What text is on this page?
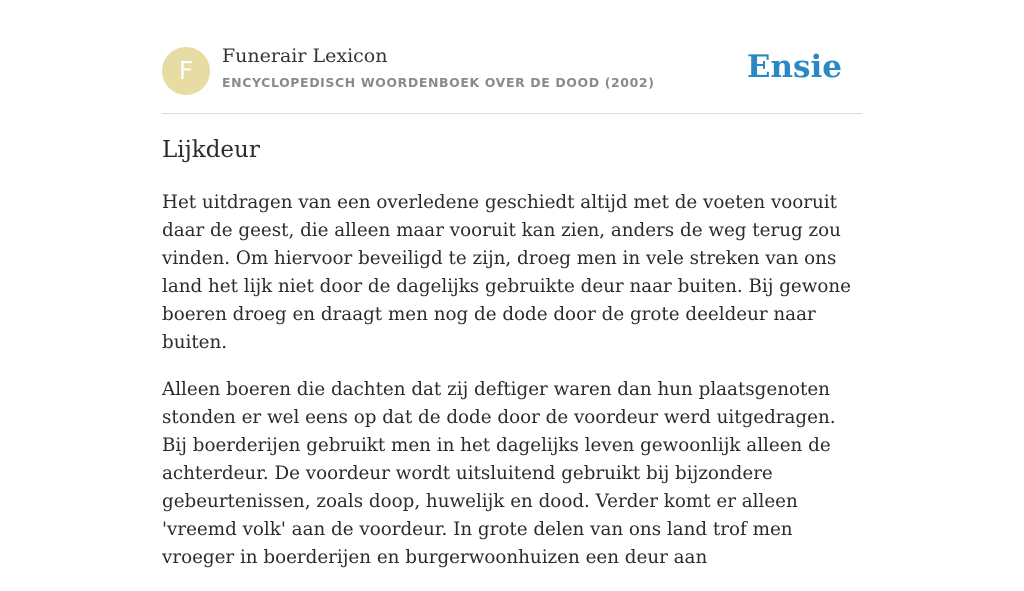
F	Funerair Lexicon
ENCYCLOPEDISCH WOORDENBOEK OVER DE DOOD (2002)	Ensie
Lijkdeur

Het uitdragen van een overledene geschiedt altijd met de voeten vooruit daar de geest, die alleen maar vooruit kan zien, anders de weg terug zou vinden. Om hiervoor beveiligd te zijn, droeg men in vele streken van ons land het lijk niet door de dagelijks gebruikte deur naar buiten. Bij gewone boeren droeg en draagt men nog de dode door de grote deeldeur naar buiten.

Alleen boeren die dachten dat zij deftiger waren dan hun plaatsgenoten stonden er wel eens op dat de dode door de voordeur werd uitgedragen. Bij boerderijen gebruikt men in het dagelijks leven gewoonlijk alleen de achterdeur. De voordeur wordt uitsluitend gebruikt bij bijzondere gebeurtenissen, zoals doop, huwelijk en dood. Verder komt er alleen 'vreemd volk' aan de voordeur. In grote delen van ons land trof men vroeger in boerderijen en burgerwoonhuizen een deur aan
